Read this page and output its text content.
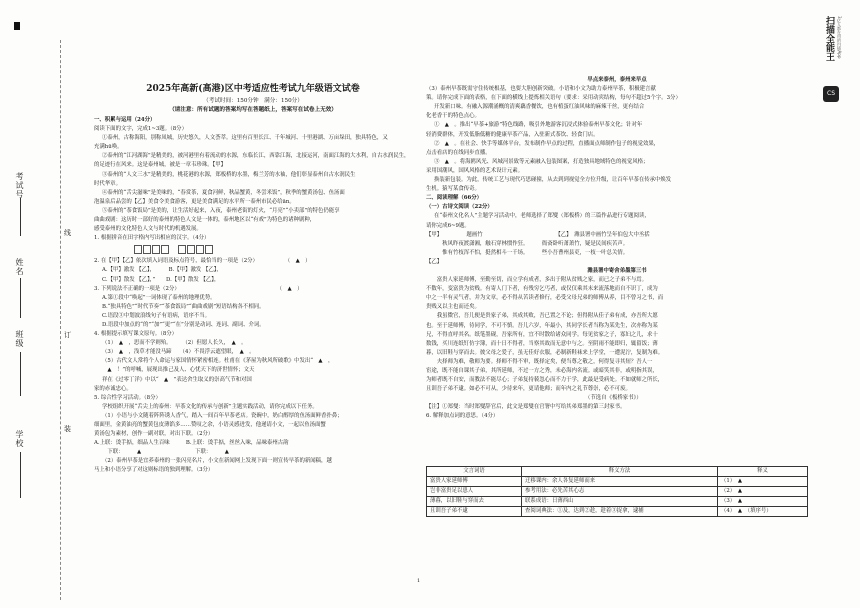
考试号
姓名
班级
学校
线
订
装
2025年高新(高港)区中考适应性考试九年级语文试卷
（考试时间：150分钟　满分：150分）
（请注意：所有试题的答案均写在答题纸上，答案写在试卷上无效）
一、积累与运用（24分）
阅读下面的文字，完成1~3题。（8分）
①泰州，古称海阳，别称凤城，历史悠久，人文荟萃。这里有百里长江、千年城河、十里港湖、万亩垛田，独具特色，又
充满hū唤。
②泰州的“江河湖海”是精美的，被河港里有着流动的水源，东临长江，西靠江海，北接运河，南面江海的大水利，自古水润民生，
的足迹行在风来。这是泰州城，被是一章韦珍珠。【甲】
③泰州的“人文三水”是精美的，桃花港的水源，郑板桥的水墨，梅兰芳的水袖，他们彰显泰州自古水润民生
时代华章。
④泰州的“舌尖滋味”是美味的，“春赏茶，夏食河鲜，秋品蟹黄，冬尝米饭”，秋季的蟹黄汤包、鱼汤面
泡温泉后品尝的【乙】美食令美食游客，更是美食满足的水平所一泰州市民必给ān。
⑤泰州的“茶食饭局”是美的，让生活好起来，入夜，泰州老街的灯火，“月亮”“小卖部”的特色仍能享
曲曲戏剧：这历时一部好的泰州的特色人文是一体的，泰州地区以“有戏”为特色的诸种剧种，
感受泰州的文化特色人文与时代的机遇发展。
1. 根据拼音在田字格内写出相应的汉字。（4分）
2. 在【甲】【乙】依次填入词语及标点符号，最恰当的一项是（2分）　　　　　　（　▲　）
A.【甲】激发 【乙】，　　　B.【甲】激发 【乙】，
C.【甲】散发 【乙】，”　　D.【甲】散发 【乙】，
3. 下列说法不正确的一项是（2分）　　　　　　　　　　　　　　　　　　　（　▲　）
A.第①段中“唤起”一词体现了泰州的地理优势。
B.“独具特色”“时代节奏”“茶食饭局”“曲曲戏剧”短语结构各不相同。
C.语段③中划波浪线句子有语病，语序不当。
D.语段中加点的“的”“加”“更”“在”分别是动词、连词、副词、介词。
4. 根据提示填写课文原句。（8分）
（1）　▲　，思而不学则殆。　　　（2）但愿人长久，　▲　。
（3）　▲　，浅草才能没马蹄　　（4）不畏浮云遮望眼，　▲　。
（5）古代文人常将个人命运与家国情怀紧密相连。杜甫在《茅屋为秋风所破歌》中发出“　▲　，
　▲　！”的呼喊，展现出推己及人、心忧天下的济世情怀；文天
祥在《过零丁洋》中以“　▲　”表达舍生取义的崇高气节和对国
家的赤诚忠心。
5. 综合性学习活动。（8分）
学校组织开展“舌尖上的泰州：早茶文化的传承与创新”主题实践活动，请你完成以下任务。
（1）小语与小文随着阵阵诱人香气，踏入一间百年早茶老店。瓷碗中，奶白醇厚的鱼汤面鲜香扑鼻；
细面里，金黄油亮的蟹黄包皮薄馅多……赞叹之余，小语灵感迸发，他递请小文，一起以鱼汤面蟹
黄汤包为素材，创作一副对联，对出下联。（2分）
A.上联：烫手掂，细品人生百味　　　B.上联：烫手掂，丝丝入味，品味泰州古韵
　下联：　　　▲　　　　　　　　　　下联：　　　▲
（2）泰州早茶是宜养泰州的一张闪亮名片，小文在新闻网上发现下面一则宣传早茶的新闻稿，越
马上和小语分享了对这则标语的独到理解。（3分）
早点来泰州，泰州来早点
（3）泰州早茶既需守住传统根基，也要大胆创新突破。小语和小文为助力泰州早茶，积极建言献
策。请你完成下面的表格，在下面的横线上提炼相关语句（要求：采用动宾结构，每句不超过5个字。3分）
开发新口味。有融入源潮涌概的清爽藕香餐饮，也有植蛋红油风味的麻辣干丝，更有结合
化老香干的特色点心。
①　▲　。推出“早茶+旅游”特色线路，吸引外地游客沉浸式体验泰州早茶文化；针对年
轻消费群体，开发低脂低糖的健康早茶产品，入驻新式茶饮、轻食门店。
②　▲　。在社会、快手等媒体平台，发布制作早点的过程，直播面点师制作包子的视觉效果，
点击看店的在线同步直播。
③　▲　。将海鸥风光、风城河景致等元素融入包装图案，打造独具地域特色的视觉风格；
采用国潮风，国风风格的艺术设计元素。
换装新包装。为此，传统工艺与现代巧思碰撞，从去到到视觉全方位升级，让百年早茶在传承中焕发
生机。猿写某食传奇。
二、阅读理解（66分）
（一）古诗文阅读（22分）
在“泰州文化名人”主题学习活动中，老师选择了郑燮（郑板桥）的三篇作品进行专题阅读，
请你完成6~9题。
【甲】　　　　　题画竹　　　　　　　　　　　　　　【乙】　潍县署中画竹呈年伯包大中丞括
　　　秋风昨夜渡潇湘，触石穿林惯作狂。　　　衙斋卧听萧萧竹，疑是民间疾苦声。
　　　惟有竹枝浑不怕，挺然相斗一千场。　　　些小吾曹州县吏，一枝一叶总关情。
【乙】
潍县署中寄舍弟墨第三书
　　富贵人家延师傅，至勤至切，而立学有成者，多出于附从贫贱之家，而已之子弟不与焉。
不数年，变富贵为贫贱。有寄人门下者，有残穷乞丐者，或仅仅乘其末来流落地而自不识丁，成为
中之一半有灵气者，并为文章，必不得从苦读者修行，必受父母兄弟的师傅从养，目不曾习之书，而
贵贱又以主也而还矣。　　　　　　　　　　　　　　　　　　　
　　我虽微官，吾儿便是贵家子弟，其成其败，吾已置之不论；但得附从佳子弟有成，亦吾所大愿
也。至于延师傅，待同学，不可不慎。吾儿六岁，年最小，其同学长者当称为某先生，次亦称为某
兄，不得直呼其名。纸笔墨砚，吾家所有，宜不时散给诸众同学。每见贫家之子，寡妇之儿，求十
数钱，买川连纸钉仿字簿，而十日不得者，当察其故而无意中与之。至阴雨不能即归，辄留饭；薄
暮，以旧鞋与穿而去。彼父母之爱子，虽无佳好衣服，必制新鞋袜来上学堂，一遭泥泞，复制为难。
　　夫择师为难，敬师为要。择师不得不审，既择定矣，便当尊之敬之，何得复寻其短？吾人一
宦途，既不能自课其子弟，其所延师，不过一方之秀，未必海内名流。或暗笑其非，或明指其误，
为师者既不自安，而教法不能尽心；子弟复持藐忽心而不力于学，此最是受病处。不如就师之所长，
且训吾子弟不逮。如必不可从，少待来年，更请他师；而年内之礼节尊崇，必不可废。
　　　　　　　　　　　　　　　　　　　　　　　　　　　　　　（节选自《板桥家书》）
【注】①郑燮：当时郑燮辞官后，此文是郑燮在官署中写给其弟郑墨的第三封家书。
6. 解释加点词的意思。（4分）
文言词语	释义方法	释义
富贵人家延师傅	迁移课内：余人各复延师而来	（1）　▲　
岂非富贵足以患人	参考用法：必先苦其心志	（2）　▲　
薄暮，以旧鞋与穿而去	联系成语：日薄西山	（3）　▲　
且训吾子弟不逮	查阅词典法：①及，达到②趁，趁着③捉拿，逮捕	（4）　▲　（填序号）
1
扫描全能王 3亿人都在用的扫描App
CS
